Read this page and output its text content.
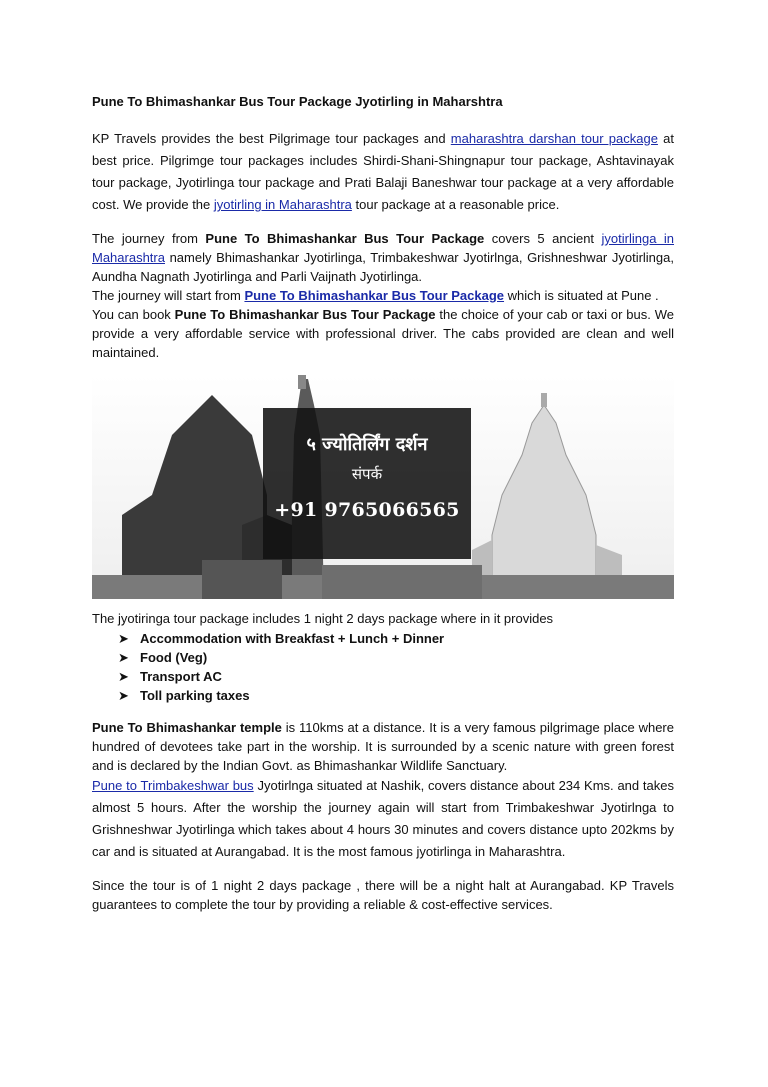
Pune To Bhimashankar Bus Tour Package Jyotirling in Maharshtra

KP Travels provides the best Pilgrimage tour packages and maharashtra darshan tour package at best price. Pilgrimge tour packages includes Shirdi-Shani-Shingnapur tour package, Ashtavinayak tour package, Jyotirlinga tour package and Prati Balaji Baneshwar tour package at a very affordable cost. We provide the jyotirling in Maharashtra tour package at a reasonable price.

The journey from Pune To Bhimashankar Bus Tour Package covers 5 ancient jyotirlinga in Maharashtra namely Bhimashankar Jyotirlinga, Trimbakeshwar Jyotirlnga, Grishneshwar Jyotirlinga, Aundha Nagnath Jyotirlinga and Parli Vaijnath Jyotirlinga.
The journey will start from Pune To Bhimashankar Bus Tour Package which is situated at Pune .
You can book Pune To Bhimashankar Bus Tour Package the choice of your cab or taxi or bus. We provide a very affordable service with professional driver. The cabs provided are clean and well maintained.

५ ज्योतिर्लिंग दर्शन
संपर्क
+91 9765066565

The jyotiringa tour package includes 1 night 2 days package where in it provides

➤ Accommodation with Breakfast + Lunch + Dinner
➤ Food (Veg)
➤ Transport AC
➤ Toll parking taxes

Pune To Bhimashankar temple is 110kms at a distance. It is a very famous pilgrimage place where hundred of devotees take part in the worship. It is surrounded by a scenic nature with green forest and is declared by the Indian Govt. as Bhimashankar Wildlife Sanctuary.
Pune to Trimbakeshwar bus Jyotirlnga situated at Nashik, covers distance about 234 Kms. and takes almost 5 hours. After the worship the journey again will start from Trimbakeshwar Jyotirlnga to Grishneshwar Jyotirlinga which takes about 4 hours 30 minutes and covers distance upto 202kms by car and is situated at Aurangabad. It is the most famous jyotirlinga in Maharashtra.

Since the tour is of 1 night 2 days package , there will be a night halt at Aurangabad. KP Travels guarantees to complete the tour by providing a reliable & cost-effective services.
